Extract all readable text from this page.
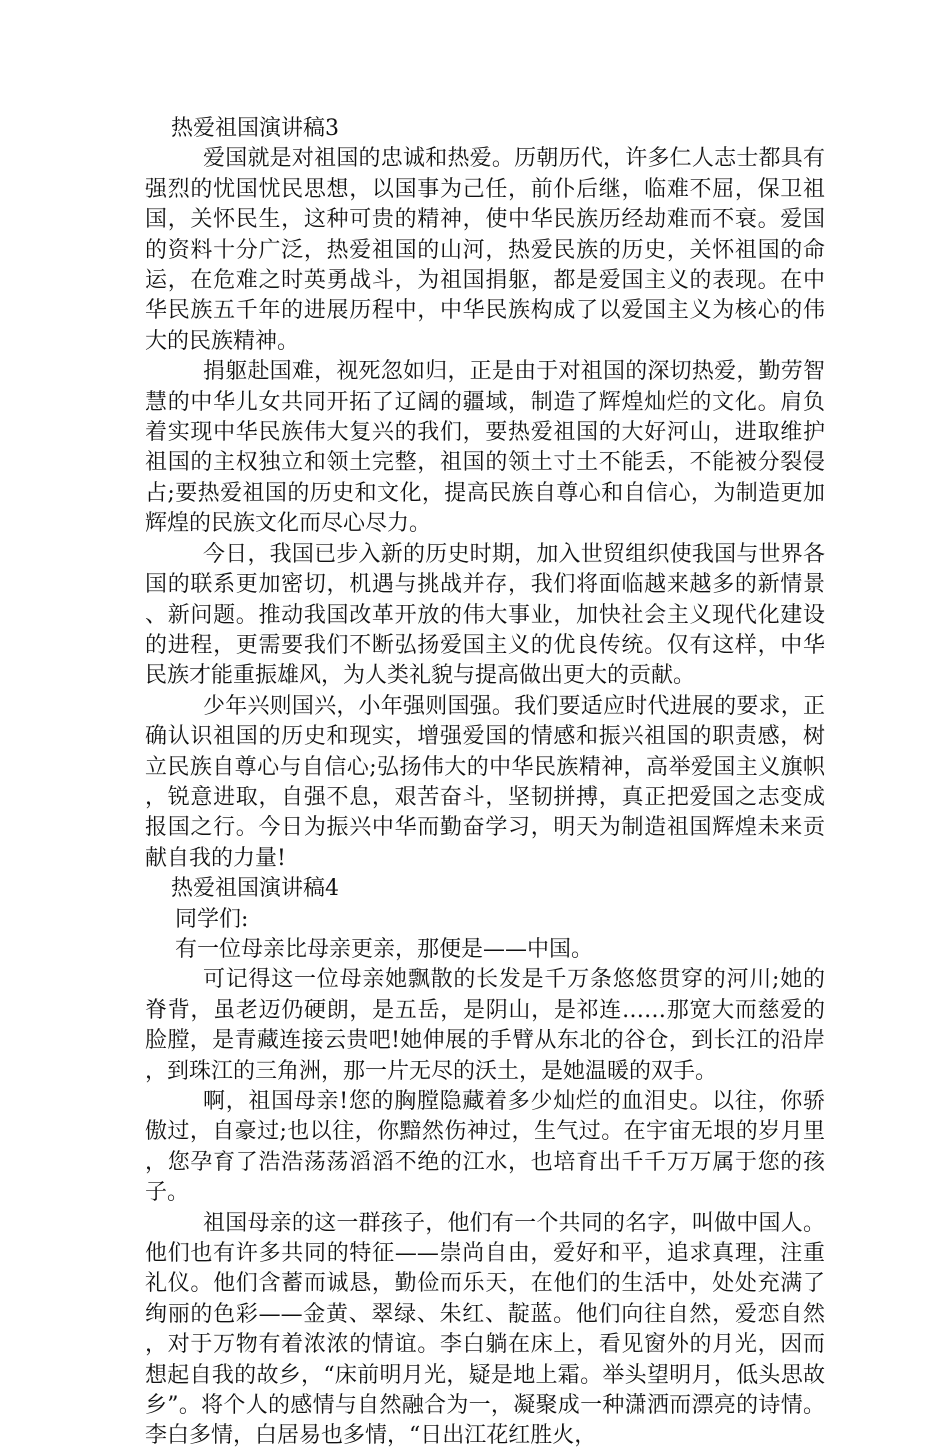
热爱祖国演讲稿3

爱国就是对祖国的忠诚和热爱。历朝历代，许多仁人志士都具有强烈的忧国忧民思想，以国事为己任，前仆后继，临难不屈，保卫祖国，关怀民生，这种可贵的精神，使中华民族历经劫难而不衰。爱国的资料十分广泛，热爱祖国的山河，热爱民族的历史，关怀祖国的命运，在危难之时英勇战斗，为祖国捐躯，都是爱国主义的表现。在中华民族五千年的进展历程中，中华民族构成了以爱国主义为核心的伟大的民族精神。

捐躯赴国难，视死忽如归，正是由于对祖国的深切热爱，勤劳智慧的中华儿女共同开拓了辽阔的疆域，制造了辉煌灿烂的文化。肩负着实现中华民族伟大复兴的我们，要热爱祖国的大好河山，进取维护祖国的主权独立和领土完整，祖国的领土寸土不能丢，不能被分裂侵占;要热爱祖国的历史和文化，提高民族自尊心和自信心，为制造更加辉煌的民族文化而尽心尽力。

今日，我国已步入新的历史时期，加入世贸组织使我国与世界各国的联系更加密切，机遇与挑战并存，我们将面临越来越多的新情景、新问题。推动我国改革开放的伟大事业，加快社会主义现代化建设的进程，更需要我们不断弘扬爱国主义的优良传统。仅有这样，中华民族才能重振雄风，为人类礼貌与提高做出更大的贡献。

少年兴则国兴，小年强则国强。我们要适应时代进展的要求，正确认识祖国的历史和现实，增强爱国的情感和振兴祖国的职责感，树立民族自尊心与自信心;弘扬伟大的中华民族精神，高举爱国主义旗帜，锐意进取，自强不息，艰苦奋斗，坚韧拼搏，真正把爱国之志变成报国之行。今日为振兴中华而勤奋学习，明天为制造祖国辉煌未来贡献自我的力量!

热爱祖国演讲稿4
同学们:
有一位母亲比母亲更亲，那便是——中国。

可记得这一位母亲她飘散的长发是千万条悠悠贯穿的河川;她的脊背，虽老迈仍硬朗，是五岳，是阴山，是祁连……那宽大而慈爱的脸膛，是青藏连接云贵吧!她伸展的手臂从东北的谷仓，到长江的沿岸，到珠江的三角洲，那一片无尽的沃土，是她温暖的双手。

啊，祖国母亲!您的胸膛隐藏着多少灿烂的血泪史。以往，你骄傲过，自豪过;也以往，你黯然伤神过，生气过。在宇宙无垠的岁月里，您孕育了浩浩荡荡滔滔不绝的江水，也培育出千千万万属于您的孩子。

祖国母亲的这一群孩子，他们有一个共同的名字，叫做中国人。他们也有许多共同的特征——崇尚自由，爱好和平，追求真理，注重礼仪。他们含蓄而诚恳，勤俭而乐天，在他们的生活中，处处充满了绚丽的色彩——金黄、翠绿、朱红、靛蓝。他们向往自然，爱恋自然，对于万物有着浓浓的情谊。李白躺在床上，看见窗外的月光，因而想起自我的故乡，“床前明月光，疑是地上霜。举头望明月，低头思故乡”。将个人的感情与自然融合为一，凝聚成一种潇洒而漂亮的诗情。李白多情，白居易也多情，“日出江花红胜火，
